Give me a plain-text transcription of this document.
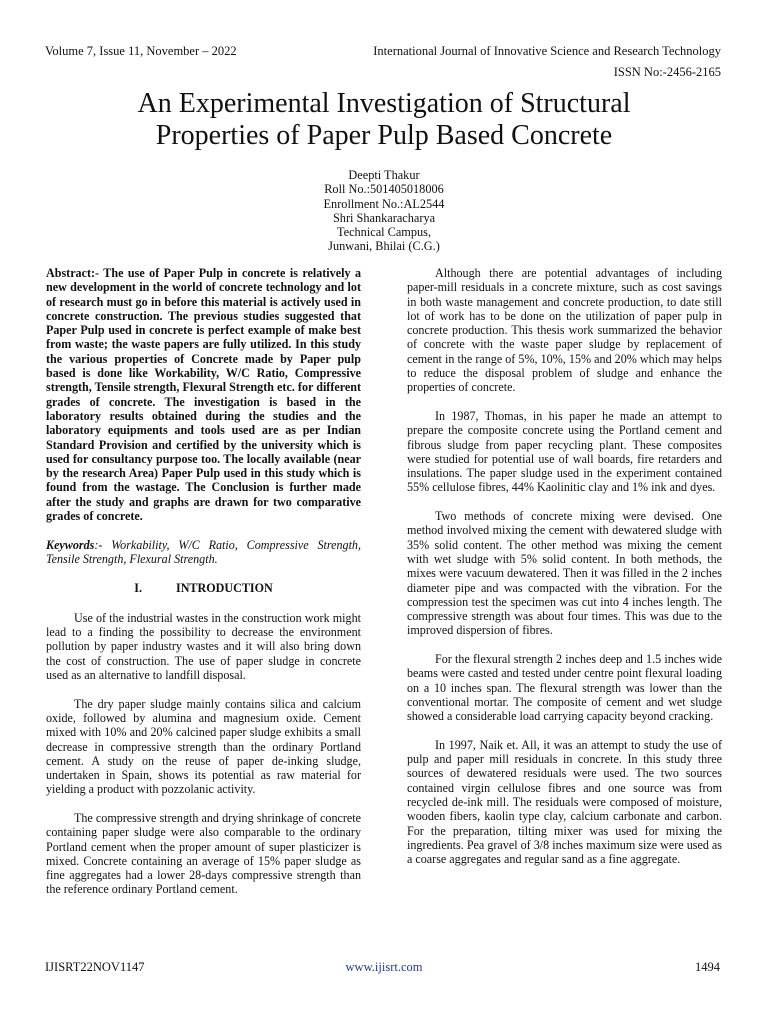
Volume 7, Issue 11, November – 2022	International Journal of Innovative Science and Research Technology
ISSN No:-2456-2165
An Experimental Investigation of Structural
Properties of Paper Pulp Based Concrete
Deepti Thakur
Roll No.:501405018006
Enrollment No.:AL2544
Shri Shankaracharya
Technical Campus,
Junwani, Bhilai (C.G.)

Abstract:- The use of Paper Pulp in concrete is relatively a new development in the world of concrete technology and lot of research must go in before this material is actively used in concrete construction. The previous studies suggested that Paper Pulp used in concrete is perfect example of make best from waste; the waste papers are fully utilized. In this study the various properties of Concrete made by Paper pulp based is done like Workability, W/C Ratio, Compressive strength, Tensile strength, Flexural Strength etc. for different grades of concrete. The investigation is based in the laboratory results obtained during the studies and the laboratory equipments and tools used are as per Indian Standard Provision and certified by the university which is used for consultancy purpose too. The locally available (near by the research Area) Paper Pulp used in this study which is found from the wastage. The Conclusion is further made after the study and graphs are drawn for two comparative grades of concrete.

Keywords:- Workability, W/C Ratio, Compressive Strength, Tensile Strength, Flexural Strength.

I.	INTRODUCTION

Use of the industrial wastes in the construction work might lead to a finding the possibility to decrease the environment pollution by paper industry wastes and it will also bring down the cost of construction. The use of paper sludge in concrete used as an alternative to landfill disposal.

The dry paper sludge mainly contains silica and calcium oxide, followed by alumina and magnesium oxide. Cement mixed with 10% and 20% calcined paper sludge exhibits a small decrease in compressive strength than the ordinary Portland cement. A study on the reuse of paper de-inking sludge, undertaken in Spain, shows its potential as raw material for yielding a product with pozzolanic activity.

The compressive strength and drying shrinkage of concrete containing paper sludge were also comparable to the ordinary Portland cement when the proper amount of super plasticizer is mixed. Concrete containing an average of 15% paper sludge as fine aggregates had a lower 28-days compressive strength than the reference ordinary Portland cement.

Although there are potential advantages of including paper-mill residuals in a concrete mixture, such as cost savings in both waste management and concrete production, to date still lot of work has to be done on the utilization of paper pulp in concrete production. This thesis work summarized the behavior of concrete with the waste paper sludge by replacement of cement in the range of 5%, 10%, 15% and 20% which may helps to reduce the disposal problem of sludge and enhance the properties of concrete.

In 1987, Thomas, in his paper he made an attempt to prepare the composite concrete using the Portland cement and fibrous sludge from paper recycling plant. These composites were studied for potential use of wall boards, fire retarders and insulations. The paper sludge used in the experiment contained 55% cellulose fibres, 44% Kaolinitic clay and 1% ink and dyes.

Two methods of concrete mixing were devised. One method involved mixing the cement with dewatered sludge with 35% solid content. The other method was mixing the cement with wet sludge with 5% solid content. In both methods, the mixes were vacuum dewatered. Then it was filled in the 2 inches diameter pipe and was compacted with the vibration. For the compression test the specimen was cut into 4 inches length. The compressive strength was about four times. This was due to the improved dispersion of fibres.

For the flexural strength 2 inches deep and 1.5 inches wide beams were casted and tested under centre point flexural loading on a 10 inches span. The flexural strength was lower than the conventional mortar. The composite of cement and wet sludge showed a considerable load carrying capacity beyond cracking.

In 1997, Naik et. All, it was an attempt to study the use of pulp and paper mill residuals in concrete. In this study three sources of dewatered residuals were used. The two sources contained virgin cellulose fibres and one source was from recycled de-ink mill. The residuals were composed of moisture, wooden fibers, kaolin type clay, calcium carbonate and carbon. For the preparation, tilting mixer was used for mixing the ingredients. Pea gravel of 3/8 inches maximum size were used as a coarse aggregates and regular sand as a fine aggregate.

IJISRT22NOV1147	www.ijisrt.com	1494
